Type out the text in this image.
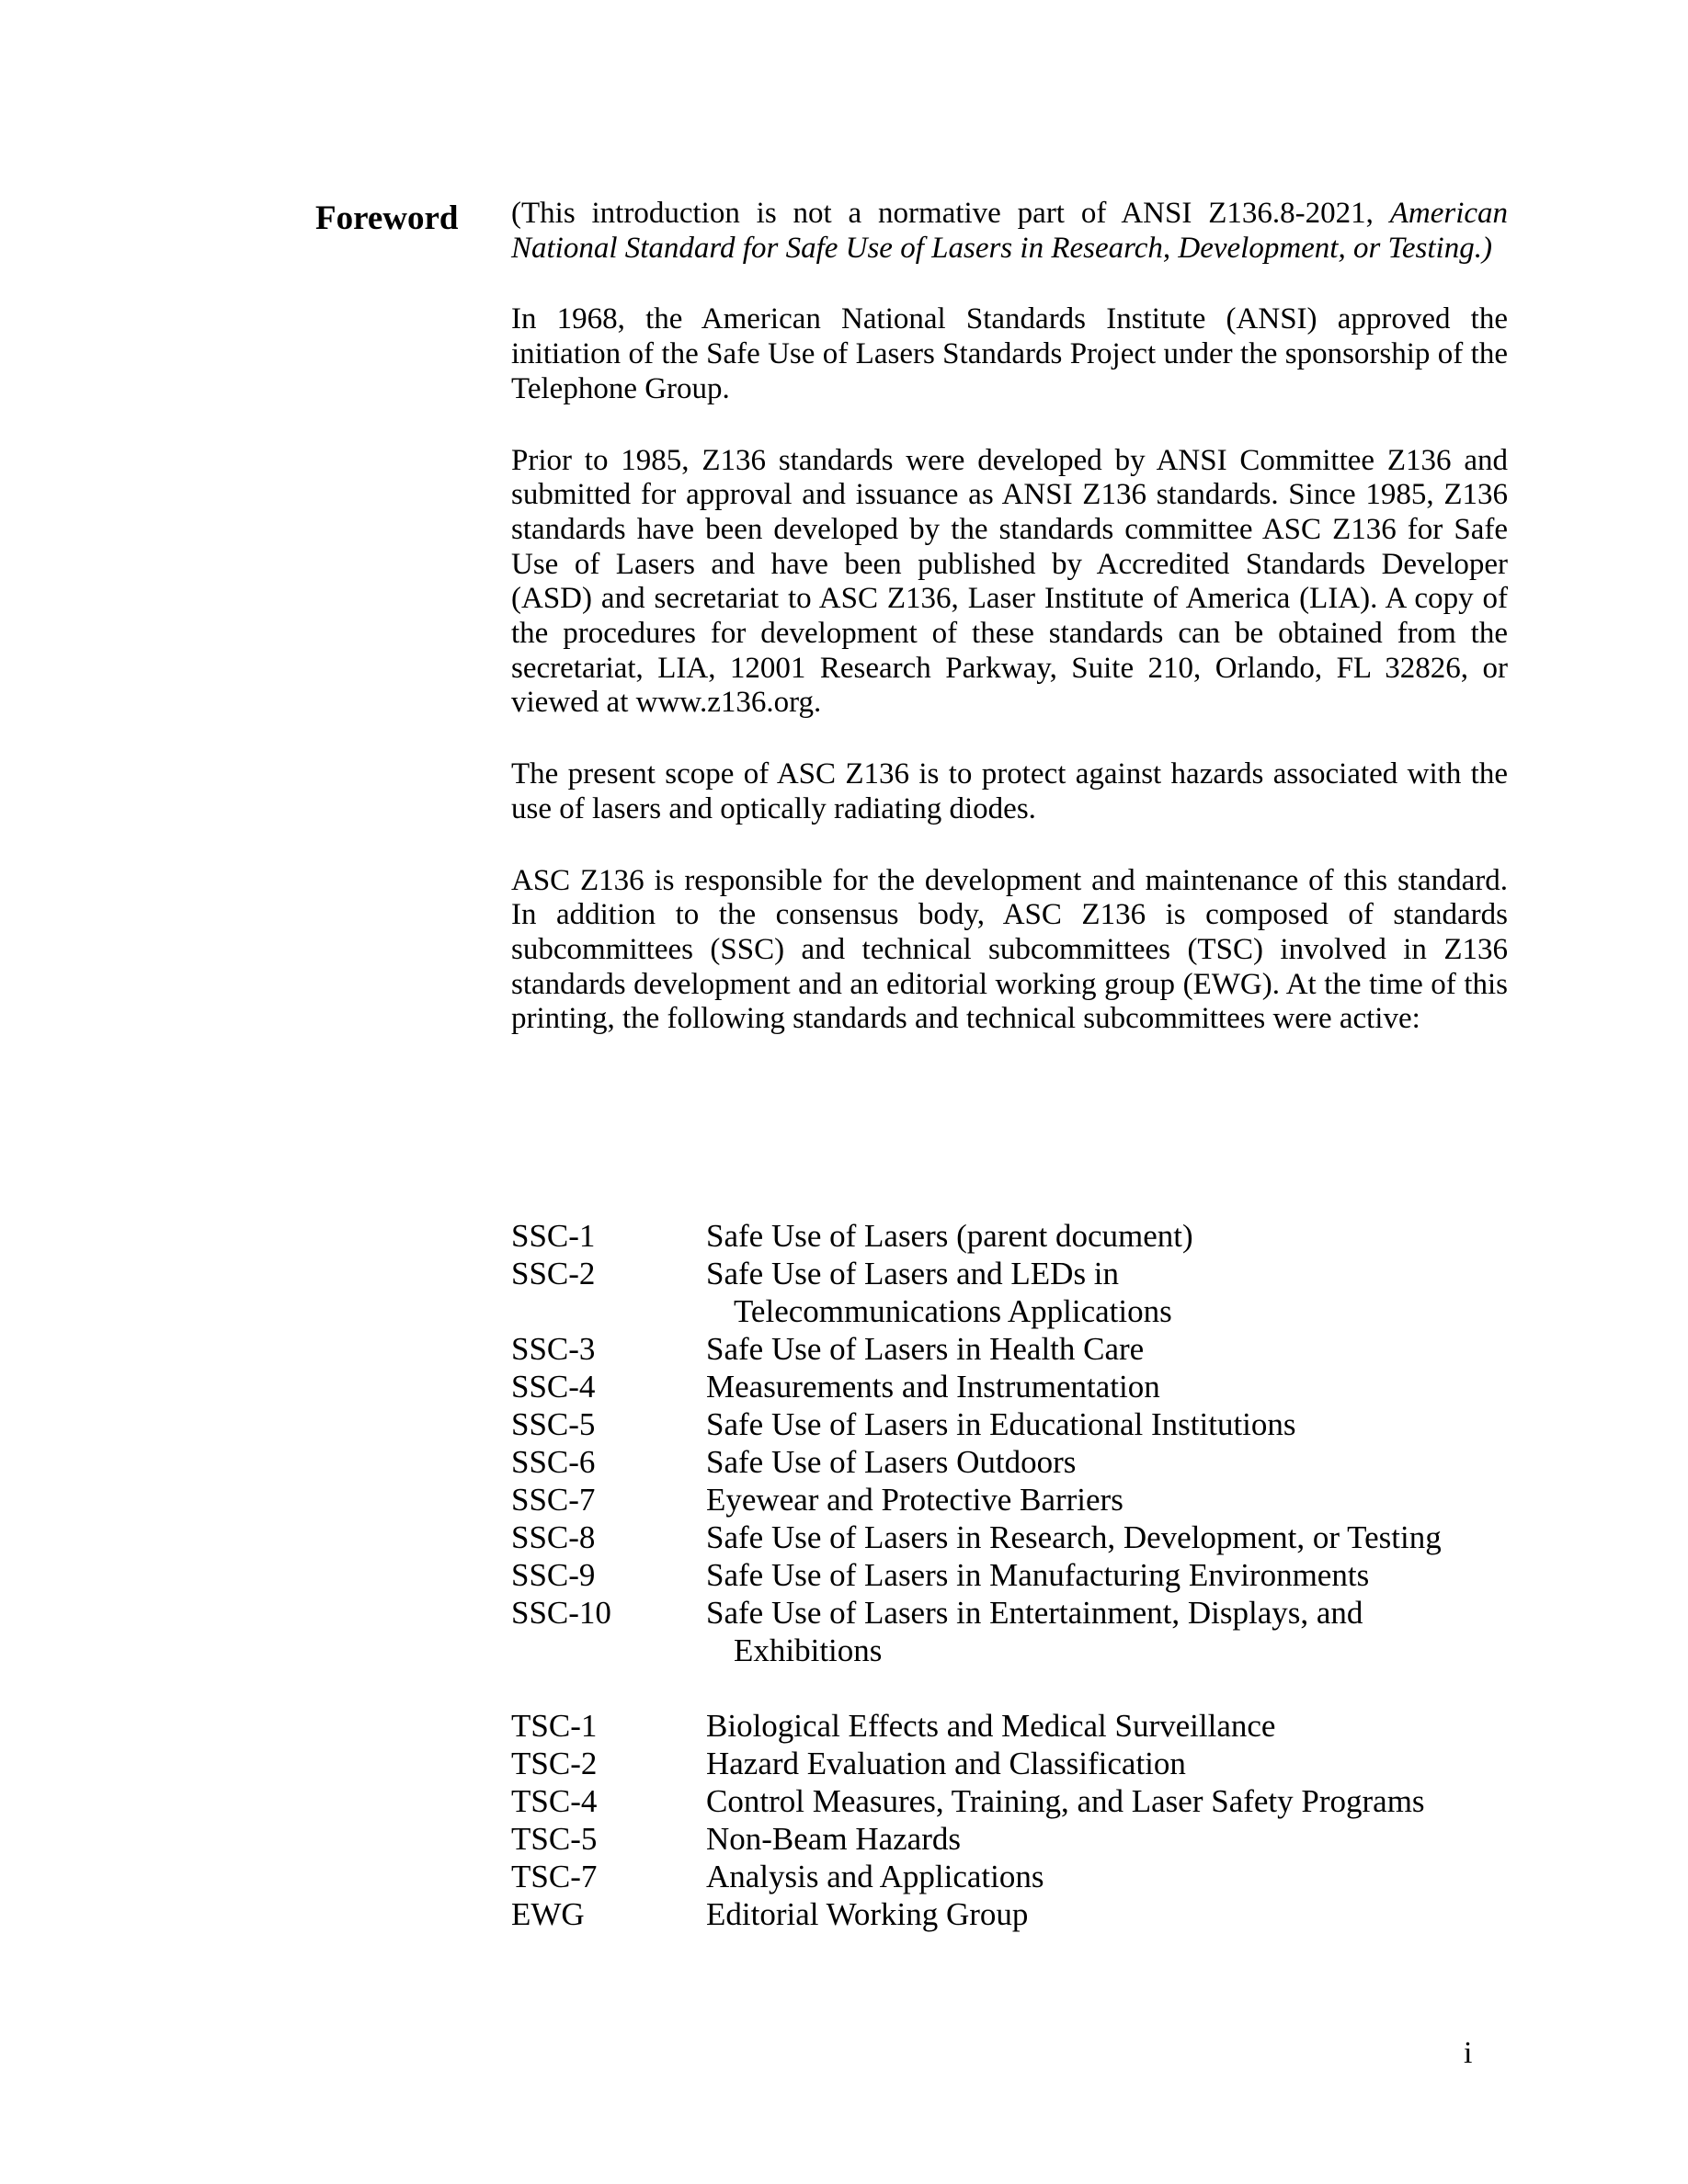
Foreword (This introduction is not a normative part of ANSI Z136.8-2021, American National Standard for Safe Use of Lasers in Research, Development, or Testing.)

In 1968, the American National Standards Institute (ANSI) approved the initiation of the Safe Use of Lasers Standards Project under the sponsorship of the Telephone Group.

Prior to 1985, Z136 standards were developed by ANSI Committee Z136 and submitted for approval and issuance as ANSI Z136 standards. Since 1985, Z136 standards have been developed by the standards committee ASC Z136 for Safe Use of Lasers and have been published by Accredited Standards Developer (ASD) and secretariat to ASC Z136, Laser Institute of America (LIA). A copy of the procedures for development of these standards can be obtained from the secretariat, LIA, 12001 Research Parkway, Suite 210, Orlando, FL 32826, or viewed at www.z136.org.

The present scope of ASC Z136 is to protect against hazards associated with the use of lasers and optically radiating diodes.

ASC Z136 is responsible for the development and maintenance of this standard. In addition to the consensus body, ASC Z136 is composed of standards subcommittees (SSC) and technical subcommittees (TSC) involved in Z136 standards development and an editorial working group (EWG). At the time of this printing, the following standards and technical subcommittees were active:

SSC-1	Safe Use of Lasers (parent document)
SSC-2	Safe Use of Lasers and LEDs in
Telecommunications Applications
SSC-3	Safe Use of Lasers in Health Care
SSC-4	Measurements and Instrumentation
SSC-5	Safe Use of Lasers in Educational Institutions
SSC-6	Safe Use of Lasers Outdoors
SSC-7	Eyewear and Protective Barriers
SSC-8	Safe Use of Lasers in Research, Development, or Testing
SSC-9	Safe Use of Lasers in Manufacturing Environments
SSC-10	Safe Use of Lasers in Entertainment, Displays, and
Exhibitions
TSC-1	Biological Effects and Medical Surveillance
TSC-2	Hazard Evaluation and Classification
TSC-4	Control Measures, Training, and Laser Safety Programs
TSC-5	Non-Beam Hazards
TSC-7	Analysis and Applications
EWG	Editorial Working Group
i
